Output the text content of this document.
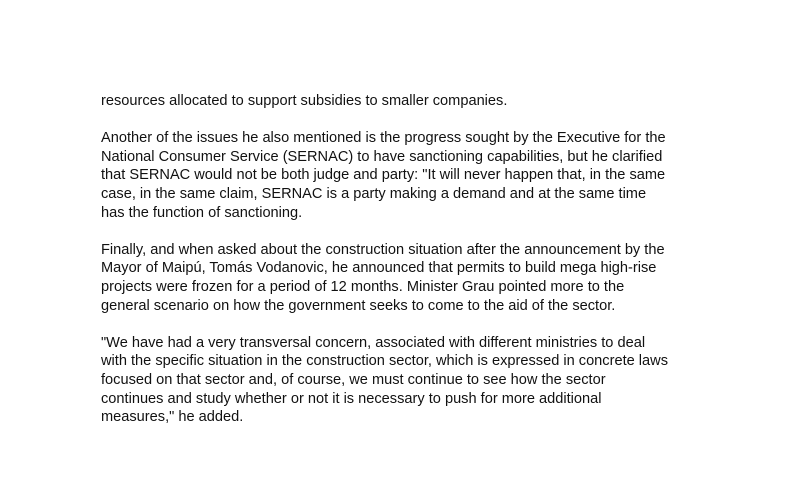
resources allocated to support subsidies to smaller companies.

Another of the issues he also mentioned is the progress sought by the Executive for the
National Consumer Service (SERNAC) to have sanctioning capabilities, but he clarified
that SERNAC would not be both judge and party: "It will never happen that, in the same
case, in the same claim, SERNAC is a party making a demand and at the same time
has the function of sanctioning.

Finally, and when asked about the construction situation after the announcement by the
Mayor of Maipú, Tomás Vodanovic, he announced that permits to build mega high-rise
projects were frozen for a period of 12 months. Minister Grau pointed more to the
general scenario on how the government seeks to come to the aid of the sector.

"We have had a very transversal concern, associated with different ministries to deal
with the specific situation in the construction sector, which is expressed in concrete laws
focused on that sector and, of course, we must continue to see how the sector
continues and study whether or not it is necessary to push for more additional
measures," he added.
